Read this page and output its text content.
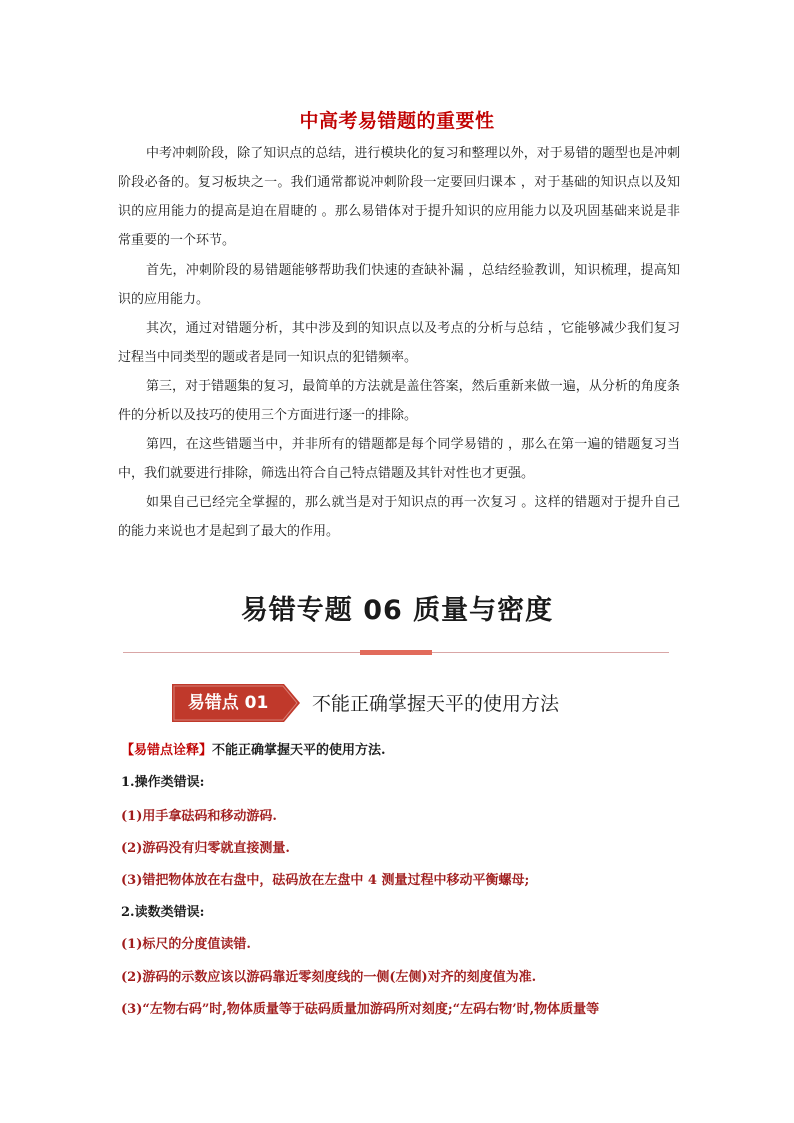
中高考易错题的重要性
中考冲刺阶段，除了知识点的总结，进行模块化的复习和整理以外，对于易错的题型也是冲刺阶段必备的。复习板块之一。我们通常都说冲刺阶段一定要回归课本 ，对于基础的知识点以及知识的应用能力的提高是迫在眉睫的 。那么易错体对于提升知识的应用能力以及巩固基础来说是非常重要的一个环节。
首先，冲刺阶段的易错题能够帮助我们快速的查缺补漏 ，总结经验教训，知识梳理，提高知识的应用能力。
其次，通过对错题分析，其中涉及到的知识点以及考点的分析与总结 ，它能够减少我们复习过程当中同类型的题或者是同一知识点的犯错频率。
第三，对于错题集的复习，最简单的方法就是盖住答案，然后重新来做一遍，从分析的角度条件的分析以及技巧的使用三个方面进行逐一的排除。
第四，在这些错题当中，并非所有的错题都是每个同学易错的 ，那么在第一遍的错题复习当中，我们就要进行排除，筛选出符合自己特点错题及其针对性也才更强。
如果自己已经完全掌握的，那么就当是对于知识点的再一次复习 。这样的错题对于提升自己的能力来说也才是起到了最大的作用。
易错专题 06 质量与密度
易错点 01	不能正确掌握天平的使用方法
【易错点诠释】不能正确掌握天平的使用方法.
1.操作类错误:
(1)用手拿砝码和移动游码.
(2)游码没有归零就直接测量.
(3)错把物体放在右盘中，砝码放在左盘中 4 测量过程中移动平衡螺母;
2.读数类错误:
(1)标尺的分度值读错.
(2)游码的示数应该以游码靠近零刻度线的一侧(左侧)对齐的刻度值为准.
(3)“左物右码”时,物体质量等于砝码质量加游码所对刻度;“左码右物’时,物体质量等
